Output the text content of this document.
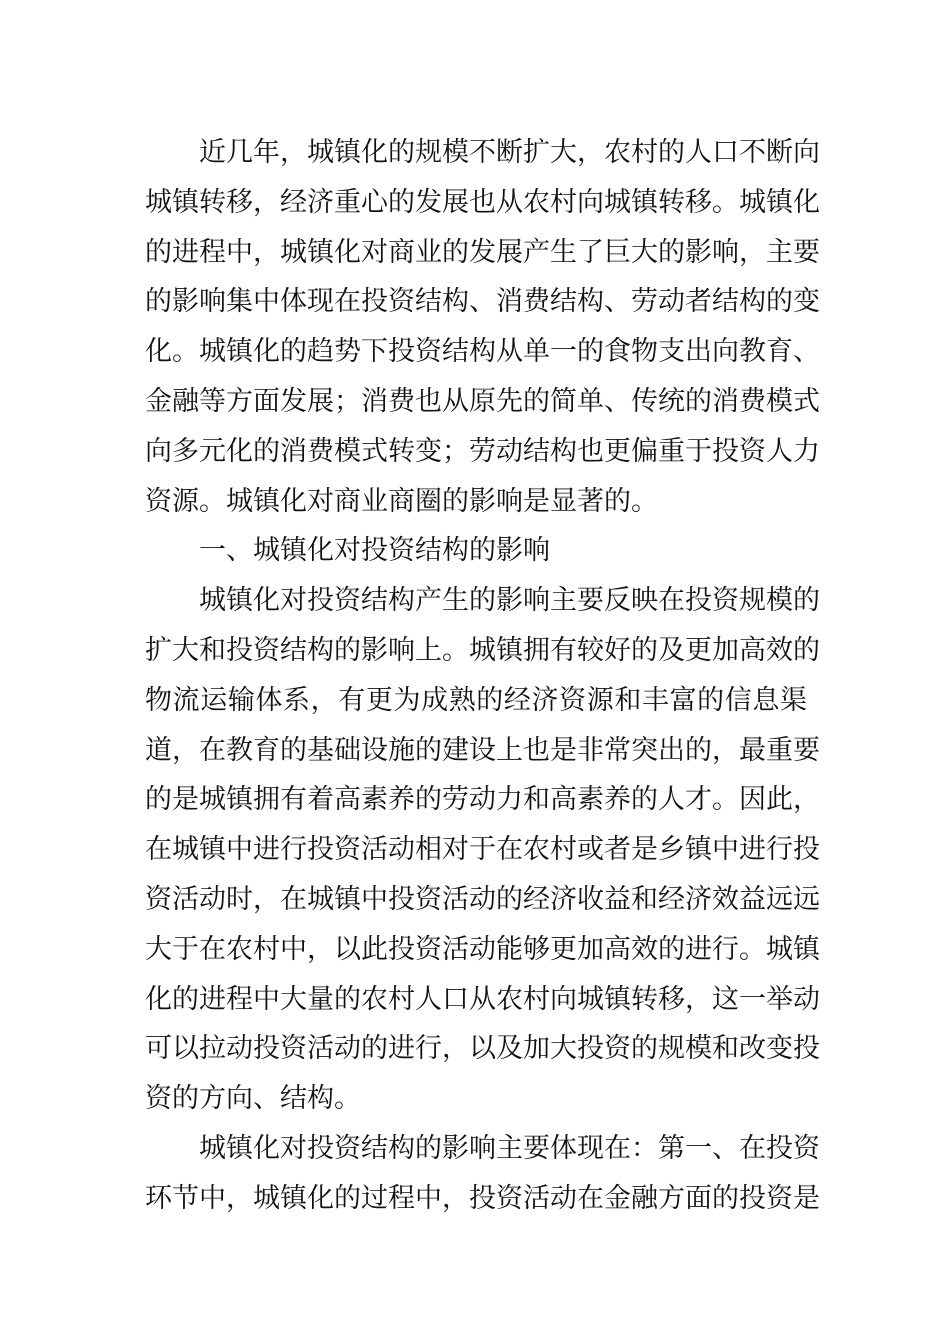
近几年，城镇化的规模不断扩大，农村的人口不断向
城镇转移，经济重心的发展也从农村向城镇转移。城镇化
的进程中，城镇化对商业的发展产生了巨大的影响，主要
的影响集中体现在投资结构、消费结构、劳动者结构的变
化。城镇化的趋势下投资结构从单一的食物支出向教育、
金融等方面发展；消费也从原先的简单、传统的消费模式
向多元化的消费模式转变；劳动结构也更偏重于投资人力
资源。城镇化对商业商圈的影响是显著的。
一、城镇化对投资结构的影响
城镇化对投资结构产生的影响主要反映在投资规模的
扩大和投资结构的影响上。城镇拥有较好的及更加高效的
物流运输体系，有更为成熟的经济资源和丰富的信息渠
道，在教育的基础设施的建设上也是非常突出的，最重要
的是城镇拥有着高素养的劳动力和高素养的人才。因此，
在城镇中进行投资活动相对于在农村或者是乡镇中进行投
资活动时，在城镇中投资活动的经济收益和经济效益远远
大于在农村中，以此投资活动能够更加高效的进行。城镇
化的进程中大量的农村人口从农村向城镇转移，这一举动
可以拉动投资活动的进行，以及加大投资的规模和改变投
资的方向、结构。
城镇化对投资结构的影响主要体现在：第一、在投资
环节中，城镇化的过程中，投资活动在金融方面的投资是
